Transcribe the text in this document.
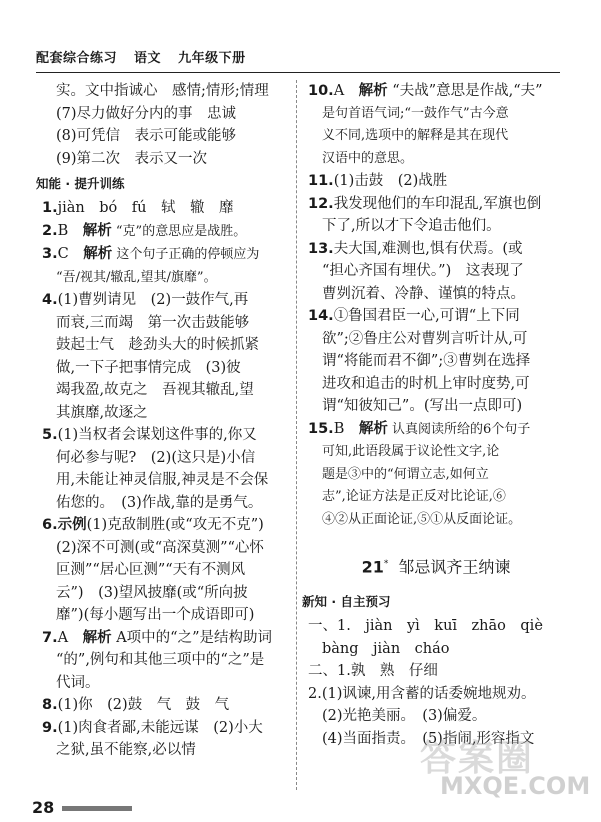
配套综合练习 语文 九年级下册
实。文中指诚心　感情;情形;情理
(7)尽力做好分内的事　忠诚
(8)可凭信　表示可能或能够
(9)第二次　表示又一次
知能 · 提升训练
1.jiàn　bó　fú　轼　辙　靡
2.B　解析 “克”的意思应是战胜。
3.C　解析 这个句子正确的停顿应为
“吾/视其/辙乱,望其/旗靡”。
4.(1)曹刿请见　(2)一鼓作气,再
而衰,三而竭　第一次击鼓能够
鼓起士气　趁劲头大的时候抓紧
做,一下子把事情完成　(3)彼
竭我盈,故克之　吾视其辙乱,望
其旗靡,故逐之
5.(1)当权者会谋划这件事的,你又
何必参与呢?　(2)(这只是)小信
用,未能让神灵信服,神灵是不会保
佑您的。　(3)作战,靠的是勇气。
6.示例(1)克敌制胜(或“攻无不克”)
(2)深不可测(或“高深莫测”“心怀
叵测”“居心叵测”“天有不测风
云”)　(3)望风披靡(或“所向披
靡”)(每小题写出一个成语即可)
7.A　解析 A项中的“之”是结构助词
“的”,例句和其他三项中的“之”是
代词。
8.(1)你　(2)鼓　气　鼓　气
9.(1)肉食者鄙,未能远谋　(2)小大
之狱,虽不能察,必以情
10.A　解析 “夫战”意思是作战,“夫”
是句首语气词;“一鼓作气”古今意
义不同,选项中的解释是其在现代
汉语中的意思。
11.(1)击鼓　(2)战胜
12.我发现他们的车印混乱,军旗也倒
下了,所以才下令追击他们。
13.夫大国,难测也,惧有伏焉。(或
“担心齐国有埋伏。”)　这表现了
曹刿沉着、冷静、谨慎的特点。
14.①鲁国君臣一心,可谓“上下同
欲”;②鲁庄公对曹刿言听计从,可
谓“将能而君不御”;③曹刿在选择
进攻和追击的时机上审时度势,可
谓“知彼知己”。(写出一点即可)
15.B　解析 认真阅读所给的6个句子
可知,此语段属于议论性文字,论
题是③中的“何谓立志,如何立
志”,论证方法是正反对比论证,⑥
④②从正面论证,⑤①从反面论证。
21* 邹忌讽齐王纳谏
新知 · 自主预习
一、1.　jiàn　yì　kuī　zhāo　qiè
bàng　jiàn　cháo
二、1.孰　熟　仔细
2.(1)讽谏,用含蓄的话委婉地规劝。
(2)光艳美丽。　(3)偏爱。
(4)当面指责。　(5)指闹,形容指文
答案圈
MXQE.COM
28
